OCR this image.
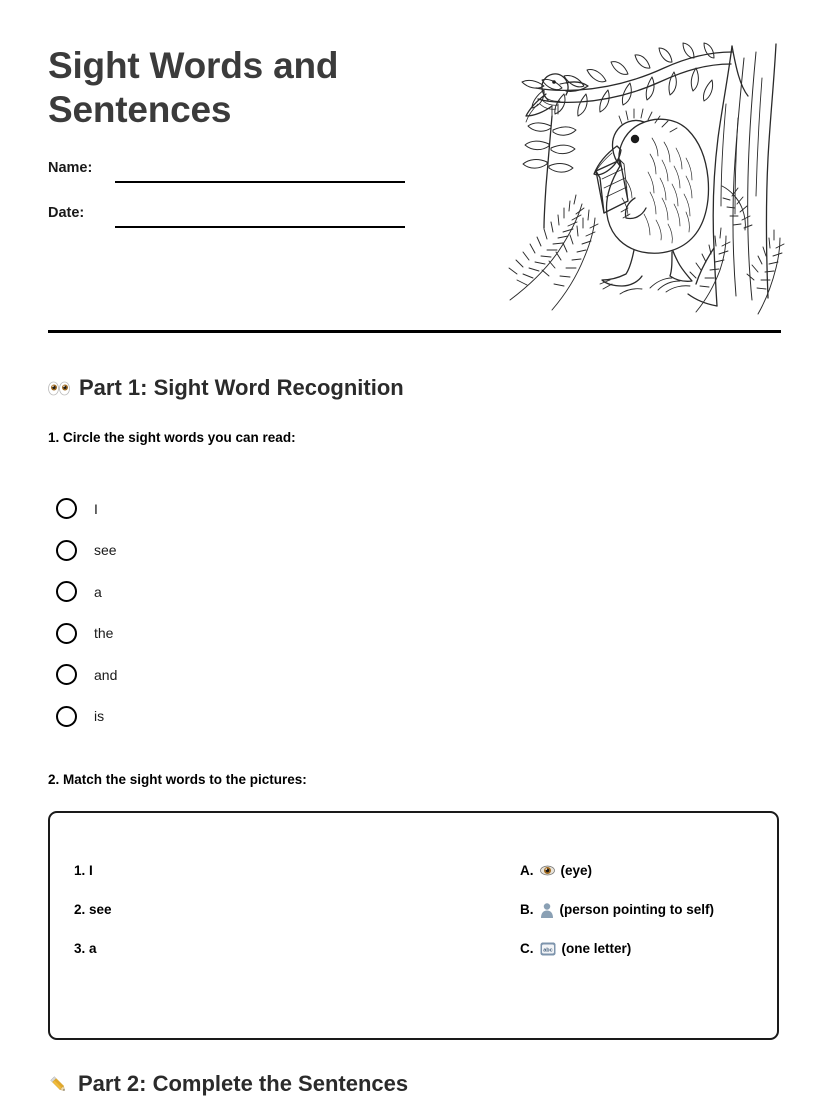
Sight Words and Sentences
Name:
Date:
Part 1: Sight Word Recognition
1. Circle the sight words you can read:
I
see
a
the
and
is
2. Match the sight words to the pictures:
1. I
2. see
3. a
A. (eye)
B. (person pointing to self)
C. abc (one letter)
Part 2: Complete the Sentences
